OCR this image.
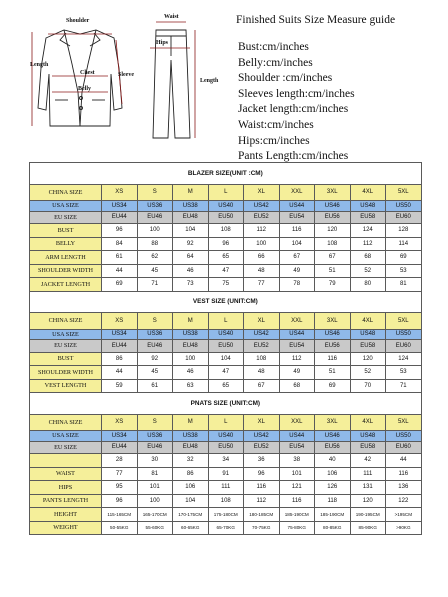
Shoulder
Length
Chest	Sleeve
Belly
Waist
Hips
Length
Finished Suits Size Measure guide
Bust:cm/inches
Belly:cm/inches
Shoulder :cm/inches
Sleeves length:cm/inches
Jacket length:cm/inches
Waist:cm/inches
Hips:cm/inches
Pants Length:cm/inches
BLAZER SIZE(UNIT :CM)									
CHINA SIZE	XS	S	M	L	XL	XXL	3XL	4XL	5XL
USA SIZE	US34	US36	US38	US40	US42	US44	US46	US48	US50
EU SIZE	EU44	EU46	EU48	EU50	EU52	EU54	EU56	EU58	EU60
BUST	96	100	104	108	112	116	120	124	128
BELLY	84	88	92	96	100	104	108	112	114
ARM LENGTH	61	62	64	65	66	67	67	68	69
SHOULDER WIDTH	44	45	46	47	48	49	51	52	53
JACKET LENGTH	69	71	73	75	77	78	79	80	81
VEST SIZE (UNIT:CM)									
CHINA SIZE	XS	S	M	L	XL	XXL	3XL	4XL	5XL
USA SIZE	US34	US36	US38	US40	US42	US44	US46	US48	US50
EU SIZE	EU44	EU46	EU48	EU50	EU52	EU54	EU56	EU58	EU60
BUST	86	92	100	104	108	112	116	120	124
SHOULDER WIDTH	44	45	46	47	48	49	51	52	53
VEST LENGTH	59	61	63	65	67	68	69	70	71
PNATS SIZE (UNIT:CM)									
CHINA SIZE	XS	S	M	L	XL	XXL	3XL	4XL	5XL
USA SIZE	US34	US36	US38	US40	US42	US44	US46	US48	US50
EU SIZE	EU44	EU46	EU48	EU50	EU52	EU54	EU56	EU58	EU60
	28	30	32	34	36	38	40	42	44
WAIST	77	81	86	91	96	101	106	111	116
HIPS	95	101	106	111	116	121	126	131	136
PANTS LENGTH	96	100	104	108	112	116	118	120	122
HEIGHT	115-165CM	165-170CM	170-175CM	175-180CM	180-185CM	185-190CM	185-190CM	190-195CM	>195CM
WEIGHT	50-55KG	55-60KG	60-65KG	65-70KG	70-75KG	75-80KG	80-85KG	85-90KG	>90KG
